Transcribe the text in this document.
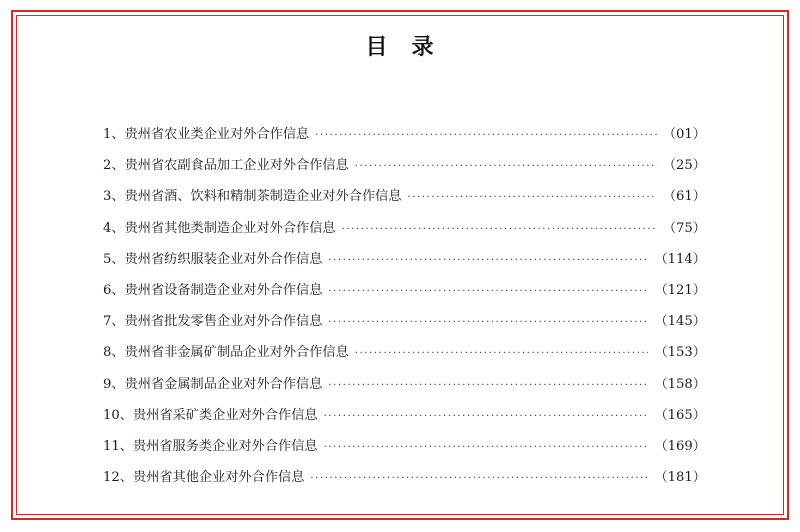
目　录
1、贵州省农业类企业对外合作信息 ·····	（01）
2、贵州省农副食品加工企业对外合作信息 ·····	（25）
3、贵州省酒、饮料和精制茶制造企业对外合作信息 ·····	（61）
4、贵州省其他类制造企业对外合作信息 ·····	（75）
5、贵州省纺织服装企业对外合作信息 ·····	（114）
6、贵州省设备制造企业对外合作信息 ·····	（121）
7、贵州省批发零售企业对外合作信息 ·····	（145）
8、贵州省非金属矿制品企业对外合作信息 ·····	（153）
9、贵州省金属制品企业对外合作信息 ·····	（158）
10、贵州省采矿类企业对外合作信息 ·····	（165）
11、贵州省服务类企业对外合作信息 ·····	（169）
12、贵州省其他企业对外合作信息 ·····	（181）
